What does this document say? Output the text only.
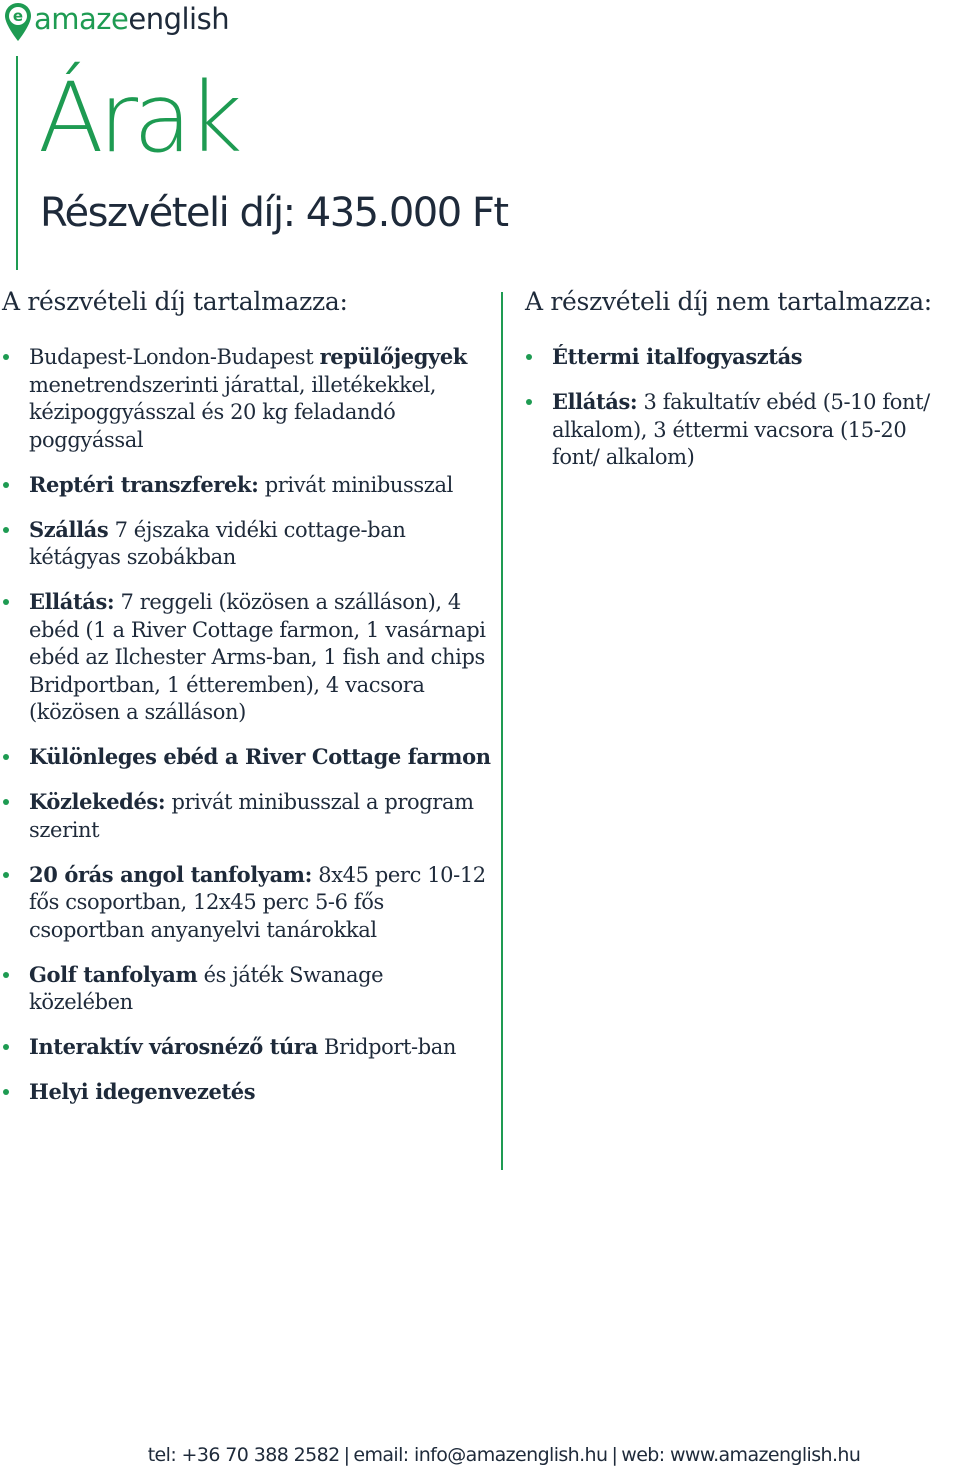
e amazeenglish
Árak
Részvételi díj: 435.000 Ft
A részvételi díj tartalmazza:
Budapest-London-Budapest repülőjegyek menetrendszerinti járattal, illetékekkel, kézipoggyásszal és 20 kg feladandó poggyással
Reptéri transzferek: privát minibusszal
Szállás 7 éjszaka vidéki cottage-ban kétágyas szobákban
Ellátás: 7 reggeli (közösen a szálláson), 4 ebéd (1 a River Cottage farmon, 1 vasárnapi ebéd az Ilchester Arms-ban, 1 fish and chips Bridportban, 1 étteremben), 4 vacsora (közösen a szálláson)
Különleges ebéd a River Cottage farmon
Közlekedés: privát minibusszal a program szerint
20 órás angol tanfolyam: 8x45 perc 10-12 fős csoportban, 12x45 perc 5-6 fős csoportban anyanyelvi tanárokkal
Golf tanfolyam és játék Swanage közelében
Interaktív városnéző túra Bridport-ban
Helyi idegenvezetés
A részvételi díj nem tartalmazza:
Éttermi italfogyasztás
Ellátás: 3 fakultatív ebéd (5-10 font/ alkalom), 3 éttermi vacsora (15-20 font/ alkalom)
tel: +36 70 388 2582 | email: info@amazenglish.hu | web: www.amazenglish.hu
